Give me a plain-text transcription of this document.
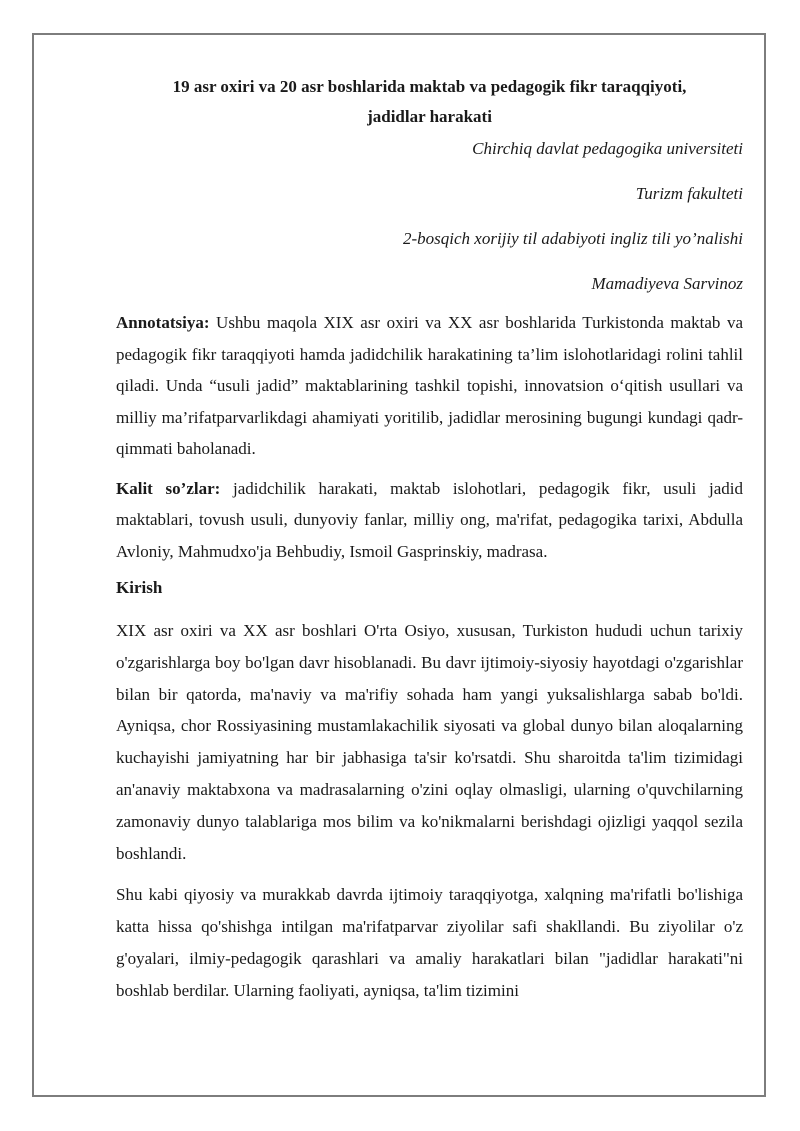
19 asr oxiri va 20 asr boshlarida maktab va pedagogik fikr taraqqiyoti,
jadidlar harakati
Chirchiq davlat pedagogika universiteti
Turizm fakulteti
2-bosqich xorijiy til adabiyoti ingliz tili yo’nalishi
Mamadiyeva Sarvinoz

Annotatsiya: Ushbu maqola XIX asr oxiri va XX asr boshlarida Turkistonda maktab va pedagogik fikr taraqqiyoti hamda jadidchilik harakatining ta’lim islohotlaridagi rolini tahlil qiladi. Unda “usuli jadid” maktablarining tashkil topishi, innovatsion o‘qitish usullari va milliy ma’rifatparvarlikdagi ahamiyati yoritilib, jadidlar merosining bugungi kundagi qadr-qimmati baholanadi.

Kalit so’zlar: jadidchilik harakati, maktab islohotlari, pedagogik fikr, usuli jadid maktablari, tovush usuli, dunyoviy fanlar, milliy ong, ma'rifat, pedagogika tarixi, Abdulla Avloniy, Mahmudxo'ja Behbudiy, Ismoil Gasprinskiy, madrasa.

Kirish

XIX asr oxiri va XX asr boshlari O'rta Osiyo, xususan, Turkiston hududi uchun tarixiy o'zgarishlarga boy bo'lgan davr hisoblanadi. Bu davr ijtimoiy-siyosiy hayotdagi o'zgarishlar bilan bir qatorda, ma'naviy va ma'rifiy sohada ham yangi yuksalishlarga sabab bo'ldi. Ayniqsa, chor Rossiyasining mustamlakachilik siyosati va global dunyo bilan aloqalarning kuchayishi jamiyatning har bir jabhasiga ta'sir ko'rsatdi. Shu sharoitda ta'lim tizimidagi an'anaviy maktabxona va madrasalarning o'zini oqlay olmasligi, ularning o'quvchilarning zamonaviy dunyo talablariga mos bilim va ko'nikmalarni berishdagi ojizligi yaqqol sezila boshlandi.

Shu kabi qiyosiy va murakkab davrda ijtimoiy taraqqiyotga, xalqning ma'rifatli bo'lishiga katta hissa qo'shishga intilgan ma'rifatparvar ziyolilar safi shakllandi. Bu ziyolilar o'z g'oyalari, ilmiy-pedagogik qarashlari va amaliy harakatlari bilan "jadidlar harakati"ni boshlab berdilar. Ularning faoliyati, ayniqsa, ta'lim tizimini
